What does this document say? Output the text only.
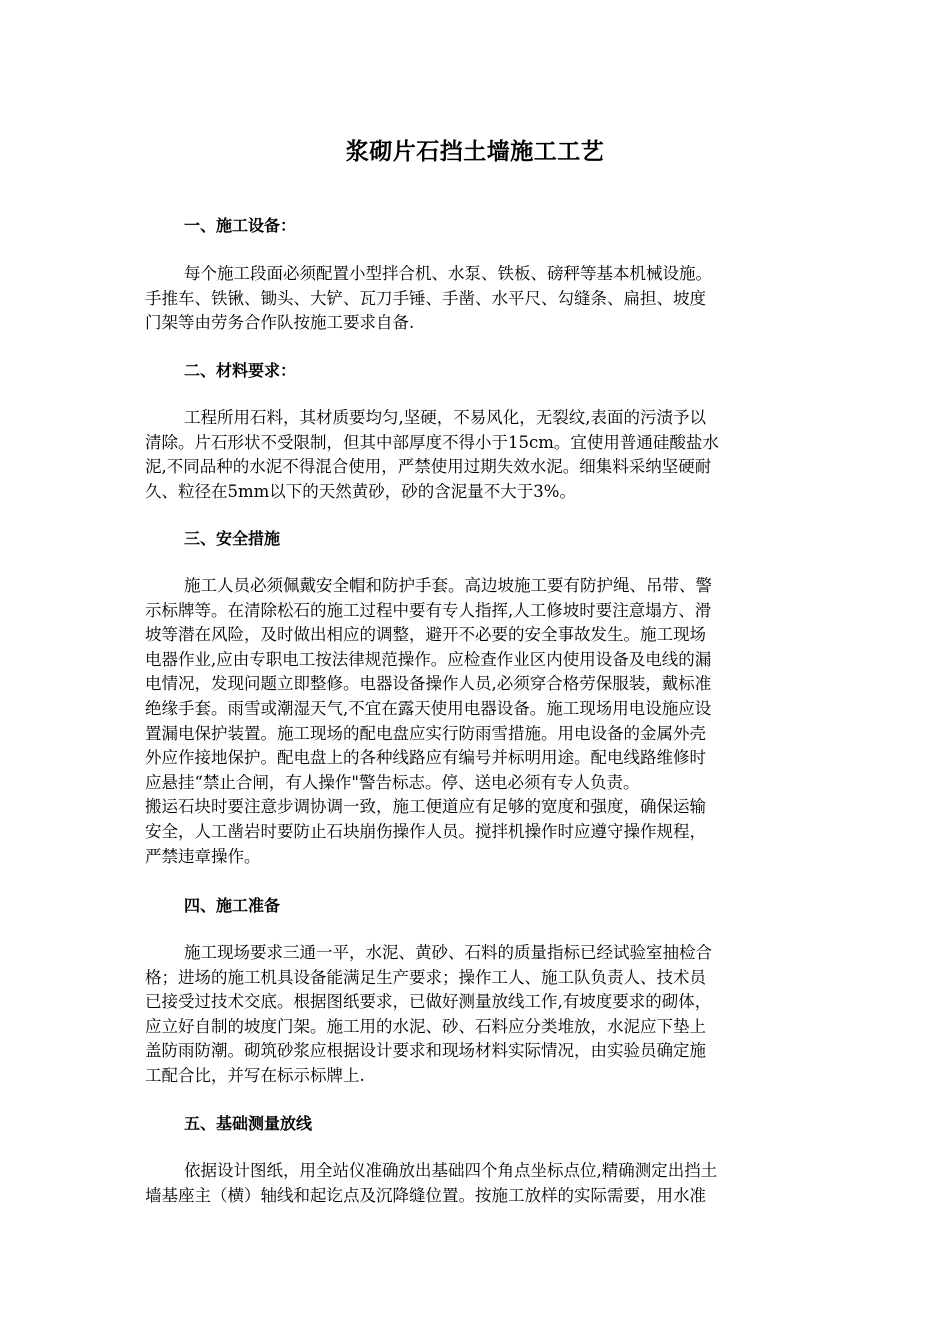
浆砌片石挡土墙施工工艺
一、施工设备：
每个施工段面必须配置小型拌合机、水泵、铁板、磅秤等基本机械设施。
手推车、铁锹、锄头、大铲、瓦刀手锤、手凿、水平尺、勾缝条、扁担、坡度
门架等由劳务合作队按施工要求自备.
二、材料要求：
工程所用石料，其材质要均匀,坚硬，不易风化，无裂纹,表面的污渍予以
清除。片石形状不受限制，但其中部厚度不得小于15cm。宜使用普通硅酸盐水
泥,不同品种的水泥不得混合使用，严禁使用过期失效水泥。细集料采纳坚硬耐
久、粒径在5mm以下的天然黄砂，砂的含泥量不大于3%。
三、安全措施
施工人员必须佩戴安全帽和防护手套。高边坡施工要有防护绳、吊带、警
示标牌等。在清除松石的施工过程中要有专人指挥,人工修坡时要注意塌方、滑
坡等潜在风险，及时做出相应的调整，避开不必要的安全事故发生。施工现场
电器作业,应由专职电工按法律规范操作。应检查作业区内使用设备及电线的漏
电情况，发现问题立即整修。电器设备操作人员,必须穿合格劳保服装，戴标准
绝缘手套。雨雪或潮湿天气,不宜在露天使用电器设备。施工现场用电设施应设
置漏电保护装置。施工现场的配电盘应实行防雨雪措施。用电设备的金属外壳
外应作接地保护。配电盘上的各种线路应有编号并标明用途。配电线路维修时
应悬挂“禁止合闸，有人操作"警告标志。停、送电必须有专人负责。
搬运石块时要注意步调协调一致，施工便道应有足够的宽度和强度，确保运输
安全，人工凿岩时要防止石块崩伤操作人员。搅拌机操作时应遵守操作规程，
严禁违章操作。
四、施工准备
施工现场要求三通一平，水泥、黄砂、石料的质量指标已经试验室抽检合
格；进场的施工机具设备能满足生产要求；操作工人、施工队负责人、技术员
已接受过技术交底。根据图纸要求，已做好测量放线工作,有坡度要求的砌体，
应立好自制的坡度门架。施工用的水泥、砂、石料应分类堆放，水泥应下垫上
盖防雨防潮。砌筑砂浆应根据设计要求和现场材料实际情况，由实验员确定施
工配合比，并写在标示标牌上.
五、基础测量放线
依据设计图纸，用全站仪准确放出基础四个角点坐标点位,精确测定出挡土
墙基座主（横）轴线和起讫点及沉降缝位置。按施工放样的实际需要，用水准
